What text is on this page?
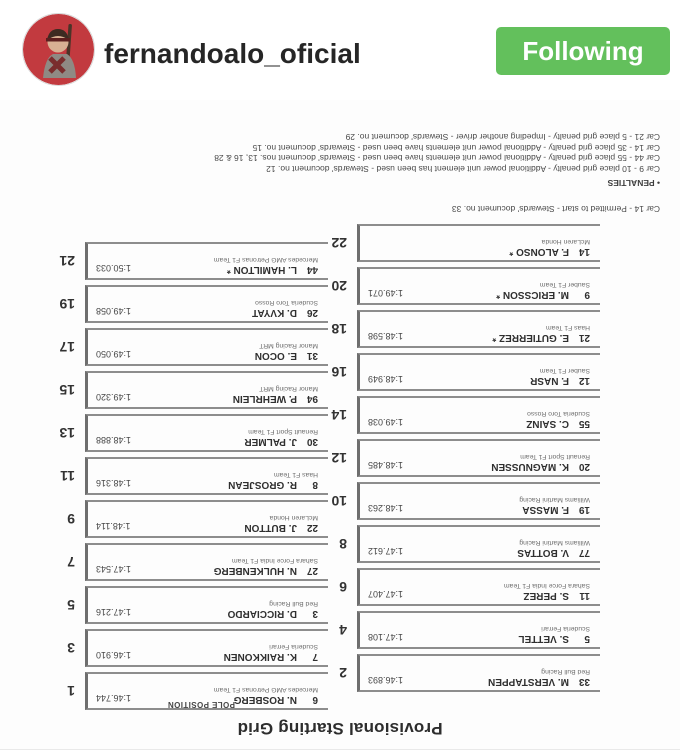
fernandoalo_oficial	Following
Provisional Starting Grid
POLE POSITION	6N. ROSBERG
Mercedes AMG Petronas F1 Team
1:46.744
1
33M. VERSTAPPEN
Red Bull Racing
1:46.893
2
7K. RAIKKONEN
Scuderia Ferrari
1:46.910
3
5S. VETTEL
Scuderia Ferrari
1:47.108
4
3D. RICCIARDO
Red Bull Racing
1:47.216
5
11S. PEREZ
Sahara Force India F1 Team
1:47.407
6
27N. HULKENBERG
Sahara Force India F1 Team
1:47.543
7
77V. BOTTAS
Williams Martini Racing
1:47.612
8
22J. BUTTON
McLaren Honda
1:48.114
9
19F. MASSA
Williams Martini Racing
1:48.263
10
8R. GROSJEAN
Haas F1 Team
1:48.316
11
20K. MAGNUSSEN
Renault Sport F1 Team
1:48.485
12
30J. PALMER
Renault Sport F1 Team
1:48.888
13
55C. SAINZ
Scuderia Toro Rosso
1:49.038
14
94P. WEHRLEIN
Manor Racing MRT
1:49.320
15
12F. NASR
Sauber F1 Team
1:48.949
16
31E. OCON
Manor Racing MRT
1:49.050
17
21E. GUTIERREZ *
Haas F1 Team
1:48.598
18
26D. KVYAT
Scuderia Toro Rosso
1:49.058
19
9M. ERICSSON *
Sauber F1 Team
1:49.071
20
44L. HAMILTON *
Mercedes AMG Petronas F1 Team
1:50.033
21
14F. ALONSO *
McLaren Honda
22
Car 14 - Permitted to start - Stewards' document no. 33
• PENALTIES
Car 9 - 10 place grid penalty - Additional power unit element has been used - Stewards' document no. 12
Car 44 - 55 place grid penalty - Additional power unit elements have been used - Stewards' document nos. 13, 16 & 28
Car 14 - 35 place grid penalty - Additional power unit elements have been used - Stewards' document no. 15
Car 21 - 5 place grid penalty - Impeding another driver - Stewards' document no. 29
